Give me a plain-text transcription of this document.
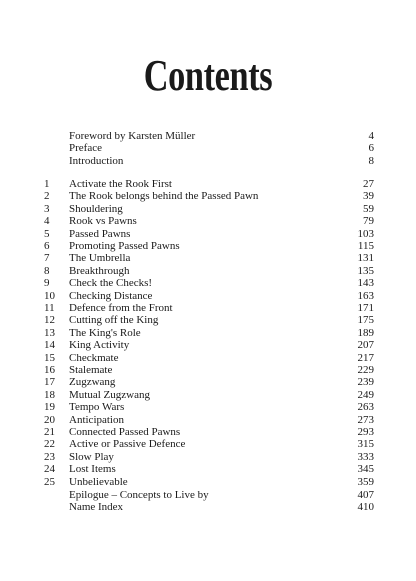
Contents
Foreword by Karsten Müller	4
Preface	6
Introduction	8
1	Activate the Rook First	27
2	The Rook belongs behind the Passed Pawn	39
3	Shouldering	59
4	Rook vs Pawns	79
5	Passed Pawns	103
6	Promoting Passed Pawns	115
7	The Umbrella	131
8	Breakthrough	135
9	Check the Checks!	143
10	Checking Distance	163
11	Defence from the Front	171
12	Cutting off the King	175
13	The King's Role	189
14	King Activity	207
15	Checkmate	217
16	Stalemate	229
17	Zugzwang	239
18	Mutual Zugzwang	249
19	Tempo Wars	263
20	Anticipation	273
21	Connected Passed Pawns	293
22	Active or Passive Defence	315
23	Slow Play	333
24	Lost Items	345
25	Unbelievable	359
Epilogue – Concepts to Live by	407
Name Index	410
